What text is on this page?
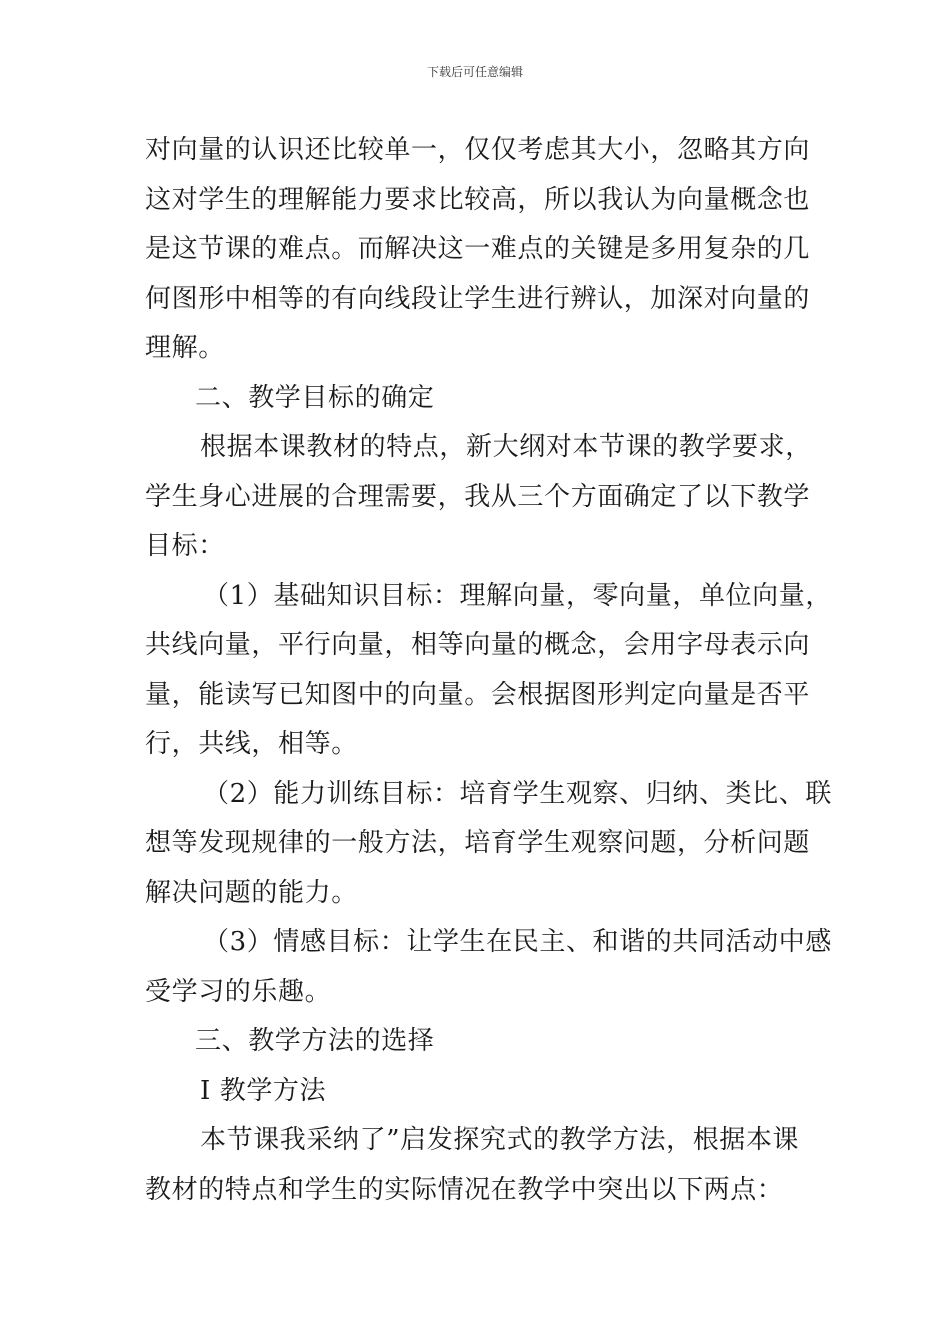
下载后可任意编辑
对向量的认识还比较单一，仅仅考虑其大小，忽略其方向
这对学生的理解能力要求比较高，所以我认为向量概念也
是这节课的难点。而解决这一难点的关键是多用复杂的几
何图形中相等的有向线段让学生进行辨认，加深对向量的
理解。
二、教学目标的确定
根据本课教材的特点，新大纲对本节课的教学要求，
学生身心进展的合理需要，我从三个方面确定了以下教学
目标：
（1）基础知识目标：理解向量，零向量，单位向量，
共线向量，平行向量，相等向量的概念，会用字母表示向
量，能读写已知图中的向量。会根据图形判定向量是否平
行，共线，相等。
（2）能力训练目标：培育学生观察、归纳、类比、联
想等发现规律的一般方法，培育学生观察问题，分析问题
解决问题的能力。
（3）情感目标：让学生在民主、和谐的共同活动中感
受学习的乐趣。
三、教学方法的选择
Ⅰ 教学方法
本节课我采纳了”启发探究式的教学方法，根据本课
教材的特点和学生的实际情况在教学中突出以下两点：
